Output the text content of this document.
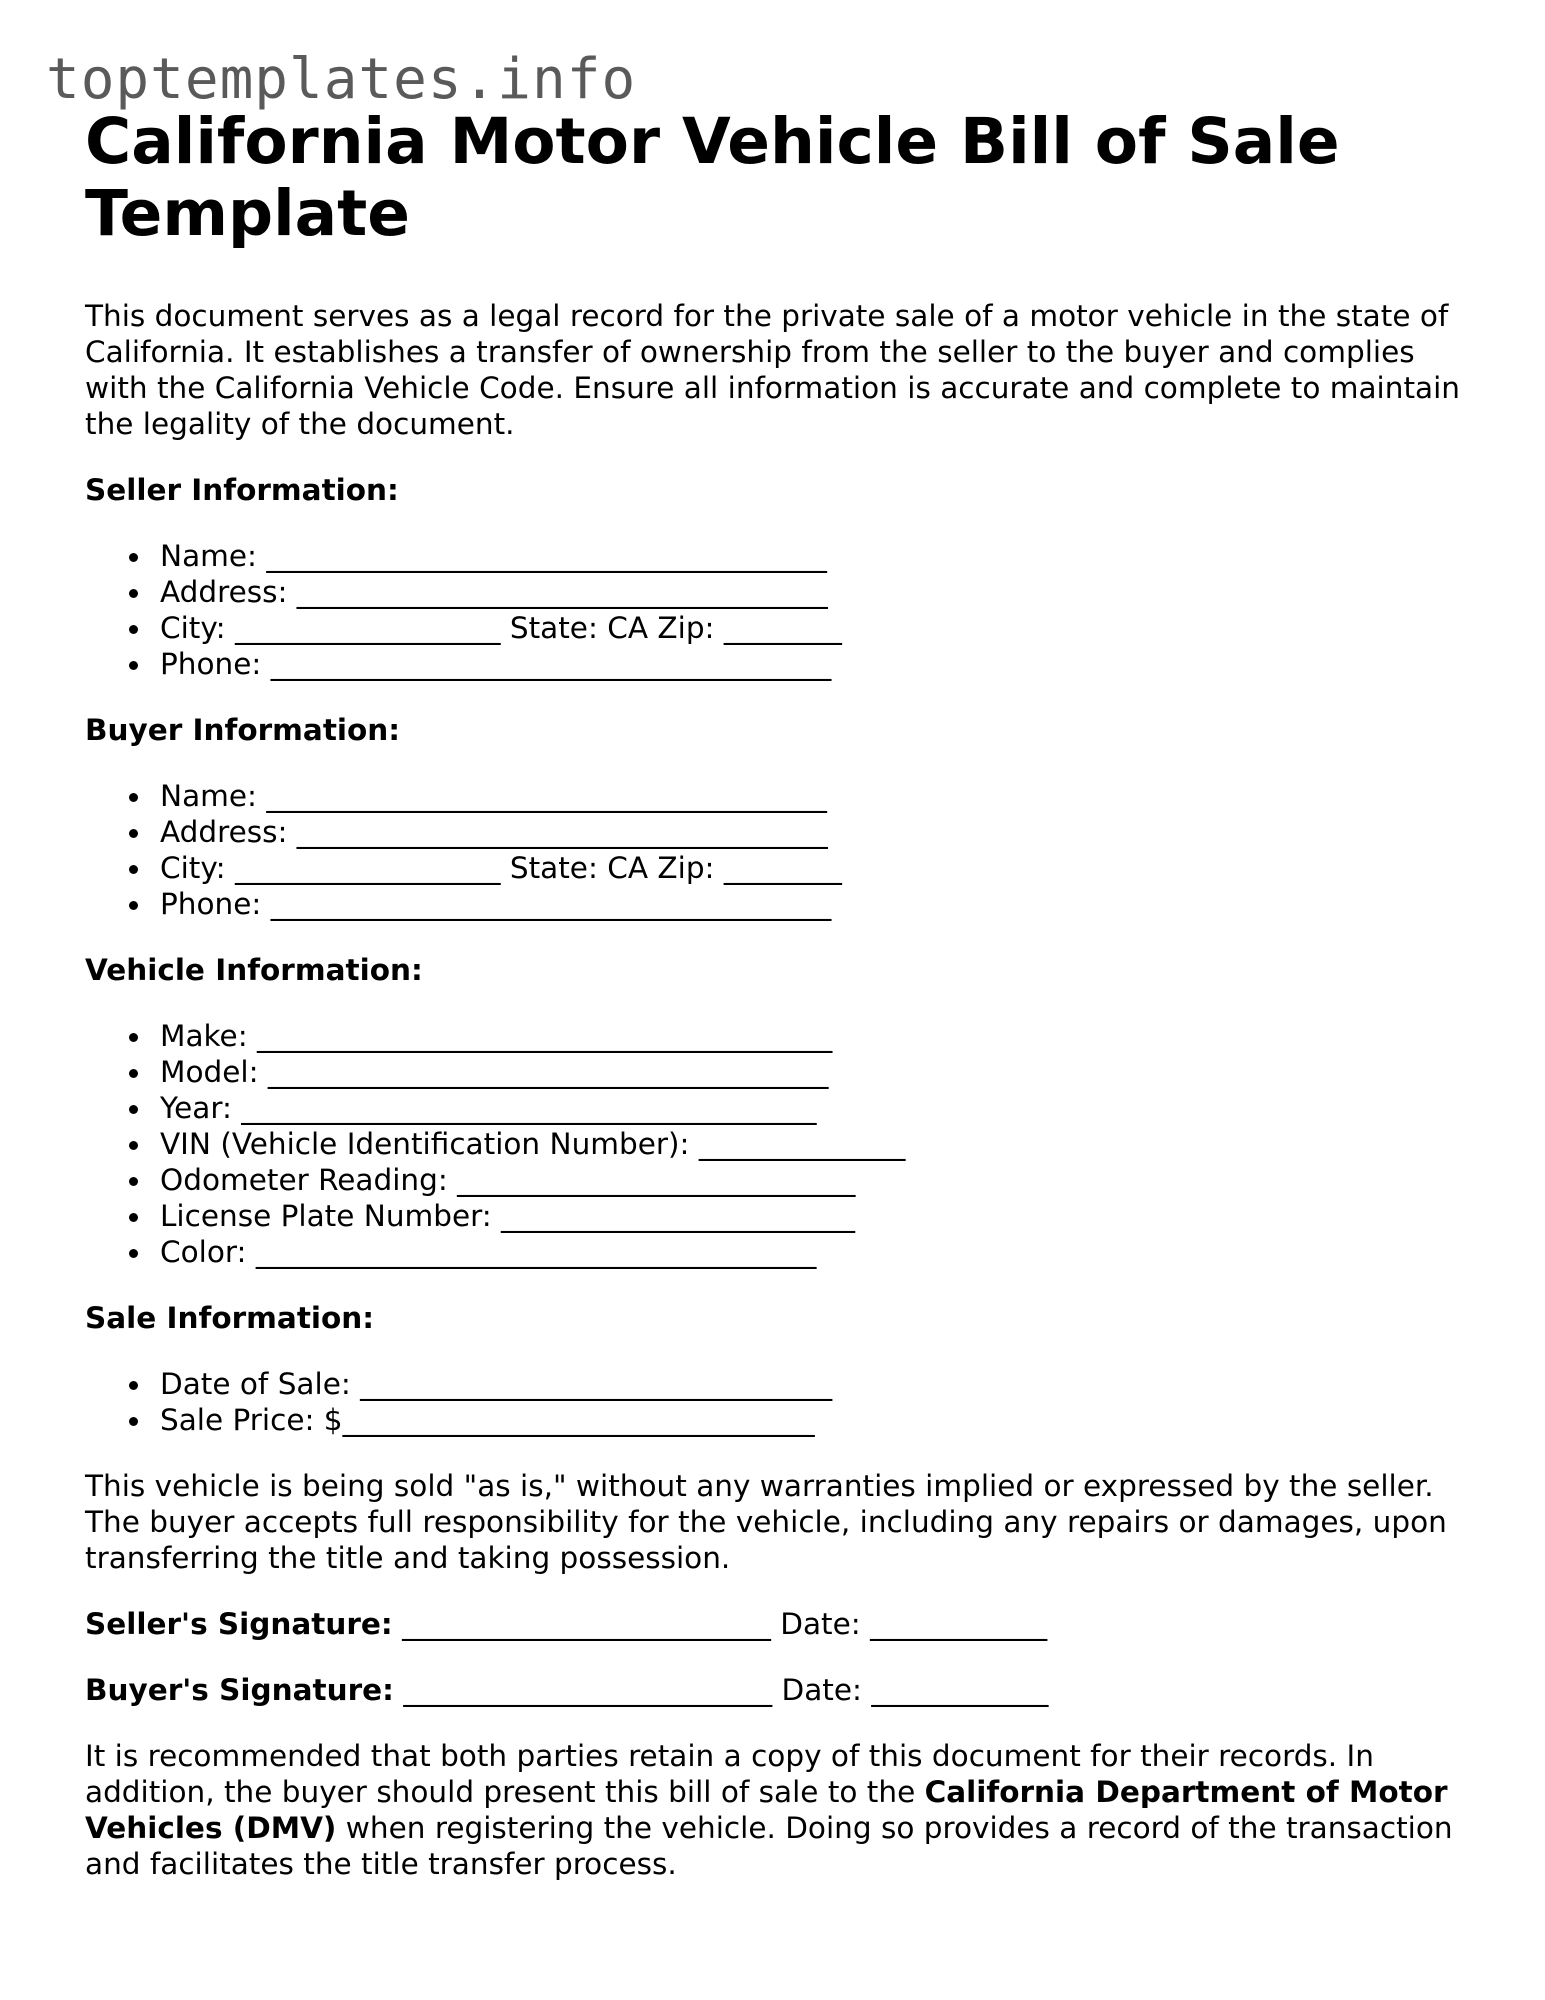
toptemplates.info
California Motor Vehicle Bill of Sale Template

This document serves as a legal record for the private sale of a motor vehicle in the state of California. It establishes a transfer of ownership from the seller to the buyer and complies with the California Vehicle Code. Ensure all information is accurate and complete to maintain the legality of the document.

Seller Information:

Name: ______________________________________
Address: ____________________________________
City: __________________ State: CA Zip: ________
Phone: ______________________________________

Buyer Information:

Name: ______________________________________
Address: ____________________________________
City: __________________ State: CA Zip: ________
Phone: ______________________________________

Vehicle Information:

Make: _______________________________________
Model: ______________________________________
Year: _______________________________________
VIN (Vehicle Identification Number): ______________
Odometer Reading: ___________________________
License Plate Number: ________________________
Color: ______________________________________

Sale Information:

Date of Sale: ________________________________
Sale Price: $________________________________

This vehicle is being sold "as is," without any warranties implied or expressed by the seller. The buyer accepts full responsibility for the vehicle, including any repairs or damages, upon transferring the title and taking possession.

Seller's Signature: _________________________ Date: ____________

Buyer's Signature: _________________________ Date: ____________

It is recommended that both parties retain a copy of this document for their records. In addition, the buyer should present this bill of sale to the California Department of Motor Vehicles (DMV) when registering the vehicle. Doing so provides a record of the transaction and facilitates the title transfer process.
